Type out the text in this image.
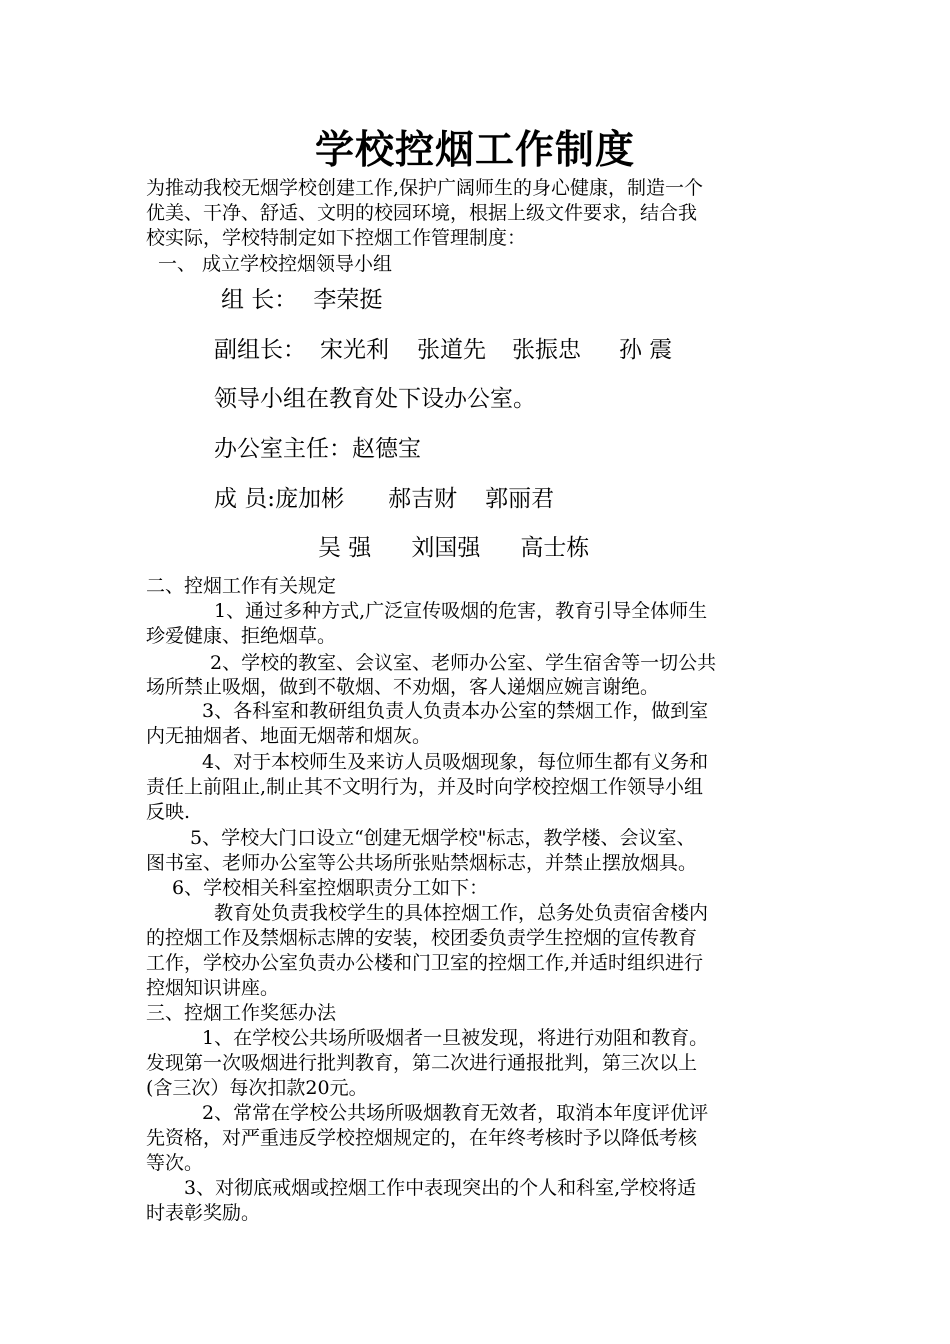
学校控烟工作制度
为推动我校无烟学校创建工作,保护广阔师生的身心健康，制造一个
优美、干净、舒适、文明的校园环境，根据上级文件要求，结合我
校实际，学校特制定如下控烟工作管理制度：
一、 成立学校控烟领导小组
组 长： 李荣挺
副组长： 宋光利 张道先 张振忠 孙 震
领导小组在教育处下设办公室。
办公室主任：赵德宝
成 员:庞加彬 郝吉财 郭丽君
吴 强 刘国强 高士栋
二、控烟工作有关规定
1、通过多种方式,广泛宣传吸烟的危害，教育引导全体师生
珍爱健康、拒绝烟草。
2、学校的教室、会议室、老师办公室、学生宿舍等一切公共
场所禁止吸烟，做到不敬烟、不劝烟，客人递烟应婉言谢绝。
3、各科室和教研组负责人负责本办公室的禁烟工作，做到室
内无抽烟者、地面无烟蒂和烟灰。
4、对于本校师生及来访人员吸烟现象，每位师生都有义务和
责任上前阻止,制止其不文明行为，并及时向学校控烟工作领导小组
反映.
5、学校大门口设立“创建无烟学校"标志，教学楼、会议室、
图书室、老师办公室等公共场所张贴禁烟标志，并禁止摆放烟具。
6、学校相关科室控烟职责分工如下：
教育处负责我校学生的具体控烟工作，总务处负责宿舍楼内
的控烟工作及禁烟标志牌的安装，校团委负责学生控烟的宣传教育
工作，学校办公室负责办公楼和门卫室的控烟工作,并适时组织进行
控烟知识讲座。
三、控烟工作奖惩办法
1、在学校公共场所吸烟者一旦被发现，将进行劝阻和教育。
发现第一次吸烟进行批判教育，第二次进行通报批判，第三次以上
(含三次）每次扣款20元。
2、常常在学校公共场所吸烟教育无效者，取消本年度评优评
先资格，对严重违反学校控烟规定的，在年终考核时予以降低考核
等次。
3、对彻底戒烟或控烟工作中表现突出的个人和科室,学校将适
时表彰奖励。
